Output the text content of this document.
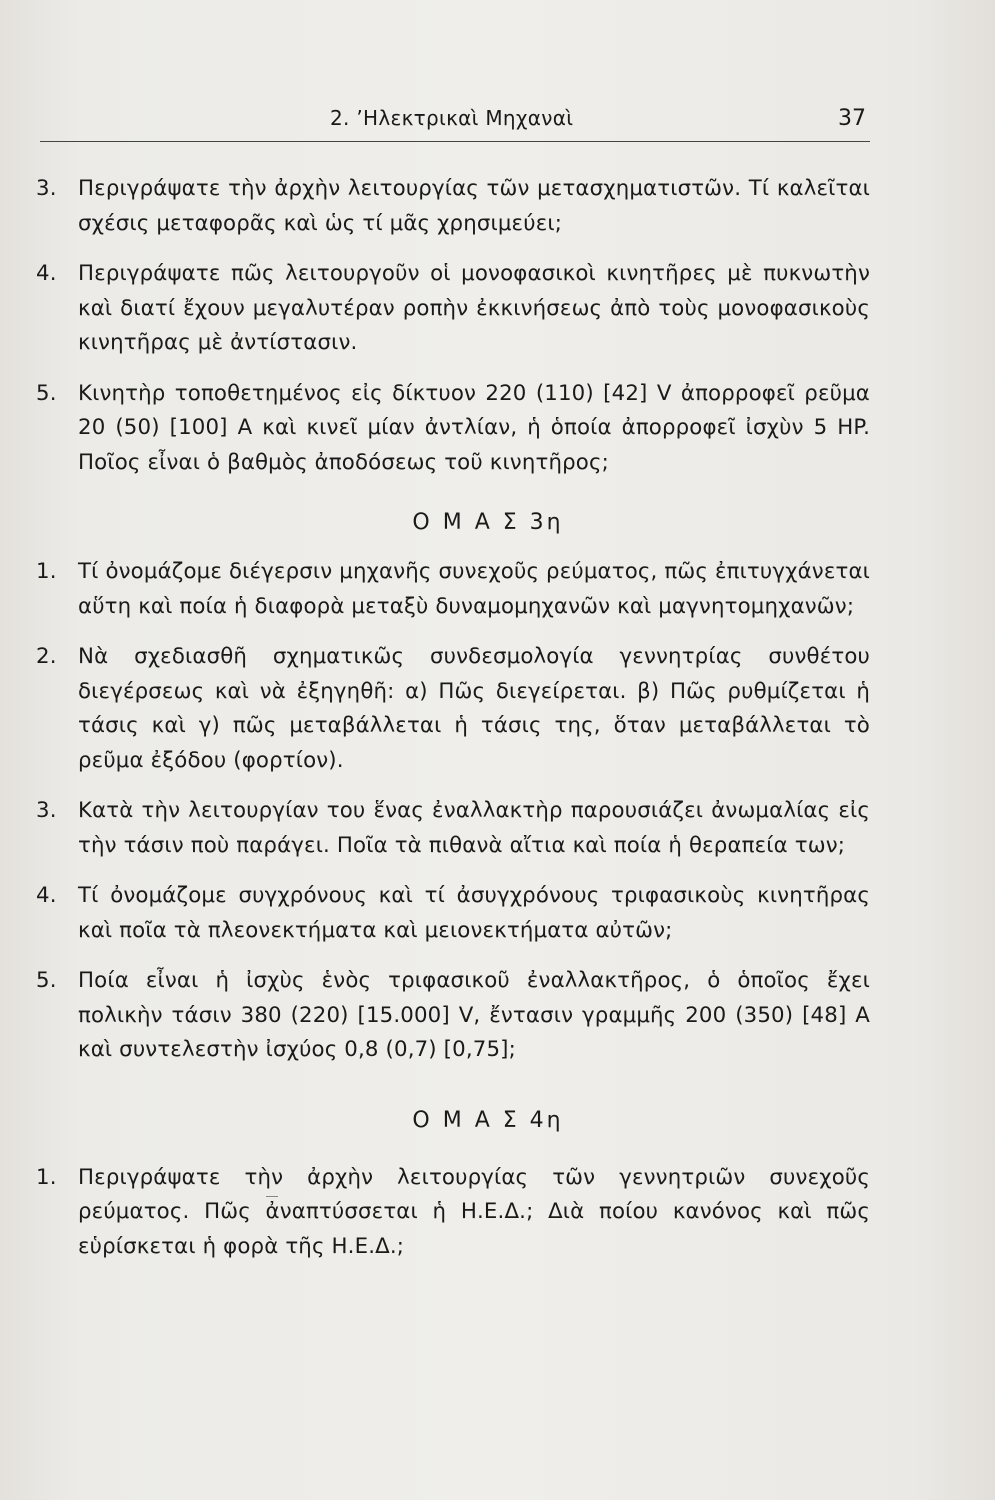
2. ’Ηλεκτρικαὶ Μηχαναὶ	37
3. Περιγράψατε τὴν ἀρχὴν λειτουργίας τῶν μετασχηματιστῶν. Τί καλεῖται σχέσις μεταφορᾶς καὶ ὡς τί μᾶς χρησιμεύει;
4. Περιγράψατε πῶς λειτουργοῦν οἱ μονοφασικοὶ κινητῆρες μὲ πυκνωτὴν καὶ διατί ἔχουν μεγαλυτέραν ροπὴν ἐκκινήσεως ἀπὸ τοὺς μονοφασικοὺς κινητῆρας μὲ ἀντίστασιν.
5. Κινητὴρ τοποθετημένος εἰς δίκτυον 220 (110) [42] V ἀπορροφεῖ ρεῦμα 20 (50) [100] A καὶ κινεῖ μίαν ἀντλίαν, ἡ ὁποία ἀπορροφεῖ ἰσχὺν 5 HP. Ποῖος εἶναι ὁ βαθμὸς ἀποδόσεως τοῦ κινητῆρος;
Ο Μ Α Σ 3η
1. Τί ὀνομάζομε διέγερσιν μηχανῆς συνεχοῦς ρεύματος, πῶς ἐπιτυγχάνεται αὕτη καὶ ποία ἡ διαφορὰ μεταξὺ δυναμομηχανῶν καὶ μαγνητομηχανῶν;
2. Νὰ σχεδιασθῆ σχηματικῶς συνδεσμολογία γεννητρίας συνθέτου διεγέρσεως καὶ νὰ ἐξηγηθῆ: α) Πῶς διεγείρεται. β) Πῶς ρυθμίζεται ἡ τάσις καὶ γ) πῶς μεταβάλλεται ἡ τάσις της, ὅταν μεταβάλλεται τὸ ρεῦμα ἐξόδου (φορτίον).
3. Κατὰ τὴν λειτουργίαν του ἕνας ἐναλλακτὴρ παρουσιάζει ἀνωμαλίας εἰς τὴν τάσιν ποὺ παράγει. Ποῖα τὰ πιθανὰ αἴτια καὶ ποία ἡ θεραπεία των;
4. Τί ὀνομάζομε συγχρόνους καὶ τί ἀσυγχρόνους τριφασικοὺς κινητῆρας καὶ ποῖα τὰ πλεονεκτήματα καὶ μειονεκτήματα αὐτῶν;
5. Ποία εἶναι ἡ ἰσχὺς ἑνὸς τριφασικοῦ ἐναλλακτῆρος, ὁ ὁποῖος ἔχει πολικὴν τάσιν 380 (220) [15.000] V, ἔντασιν γραμμῆς 200 (350) [48] A καὶ συντελεστὴν ἰσχύος 0,8 (0,7) [0,75];
Ο Μ Α Σ 4η
1. Περιγράψατε τὴν ἀρχὴν λειτουργίας τῶν γεννητριῶν συνεχοῦς ρεύματος. Πῶς ἀναπτύσσεται ἡ Η.Ε.Δ.; Διὰ ποίου κανόνος καὶ πῶς εὑρίσκεται ἡ φορὰ τῆς Η.Ε.Δ.;
